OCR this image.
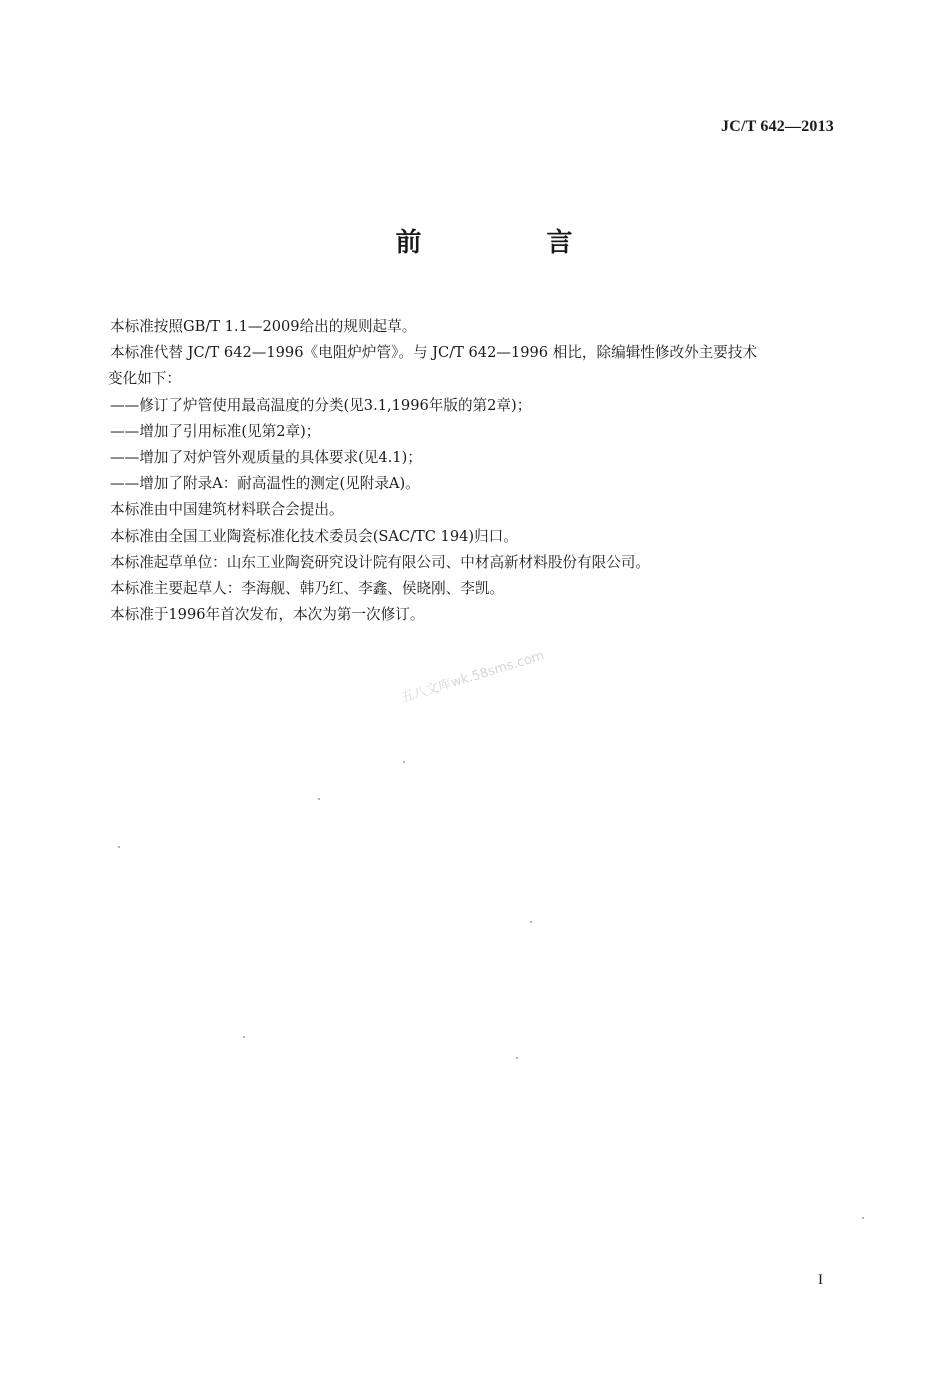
JC/T 642—2013
前 言

本标准按照GB/T 1.1—2009给出的规则起草。

本标准代替 JC/T 642—1996《电阻炉炉管》。与 JC/T 642—1996 相比，除编辑性修改外主要技术
变化如下：

——修订了炉管使用最高温度的分类(见3.1,1996年版的第2章)；

——增加了引用标准(见第2章)；

——增加了对炉管外观质量的具体要求(见4.1)；

——增加了附录A：耐高温性的测定(见附录A)。

本标准由中国建筑材料联合会提出。

本标准由全国工业陶瓷标准化技术委员会(SAC/TC 194)归口。

本标准起草单位：山东工业陶瓷研究设计院有限公司、中材高新材料股份有限公司。

本标准主要起草人：李海舰、韩乃红、李鑫、侯晓刚、李凯。

本标准于1996年首次发布，本次为第一次修订。

五八文库wk.58sms.com
I
